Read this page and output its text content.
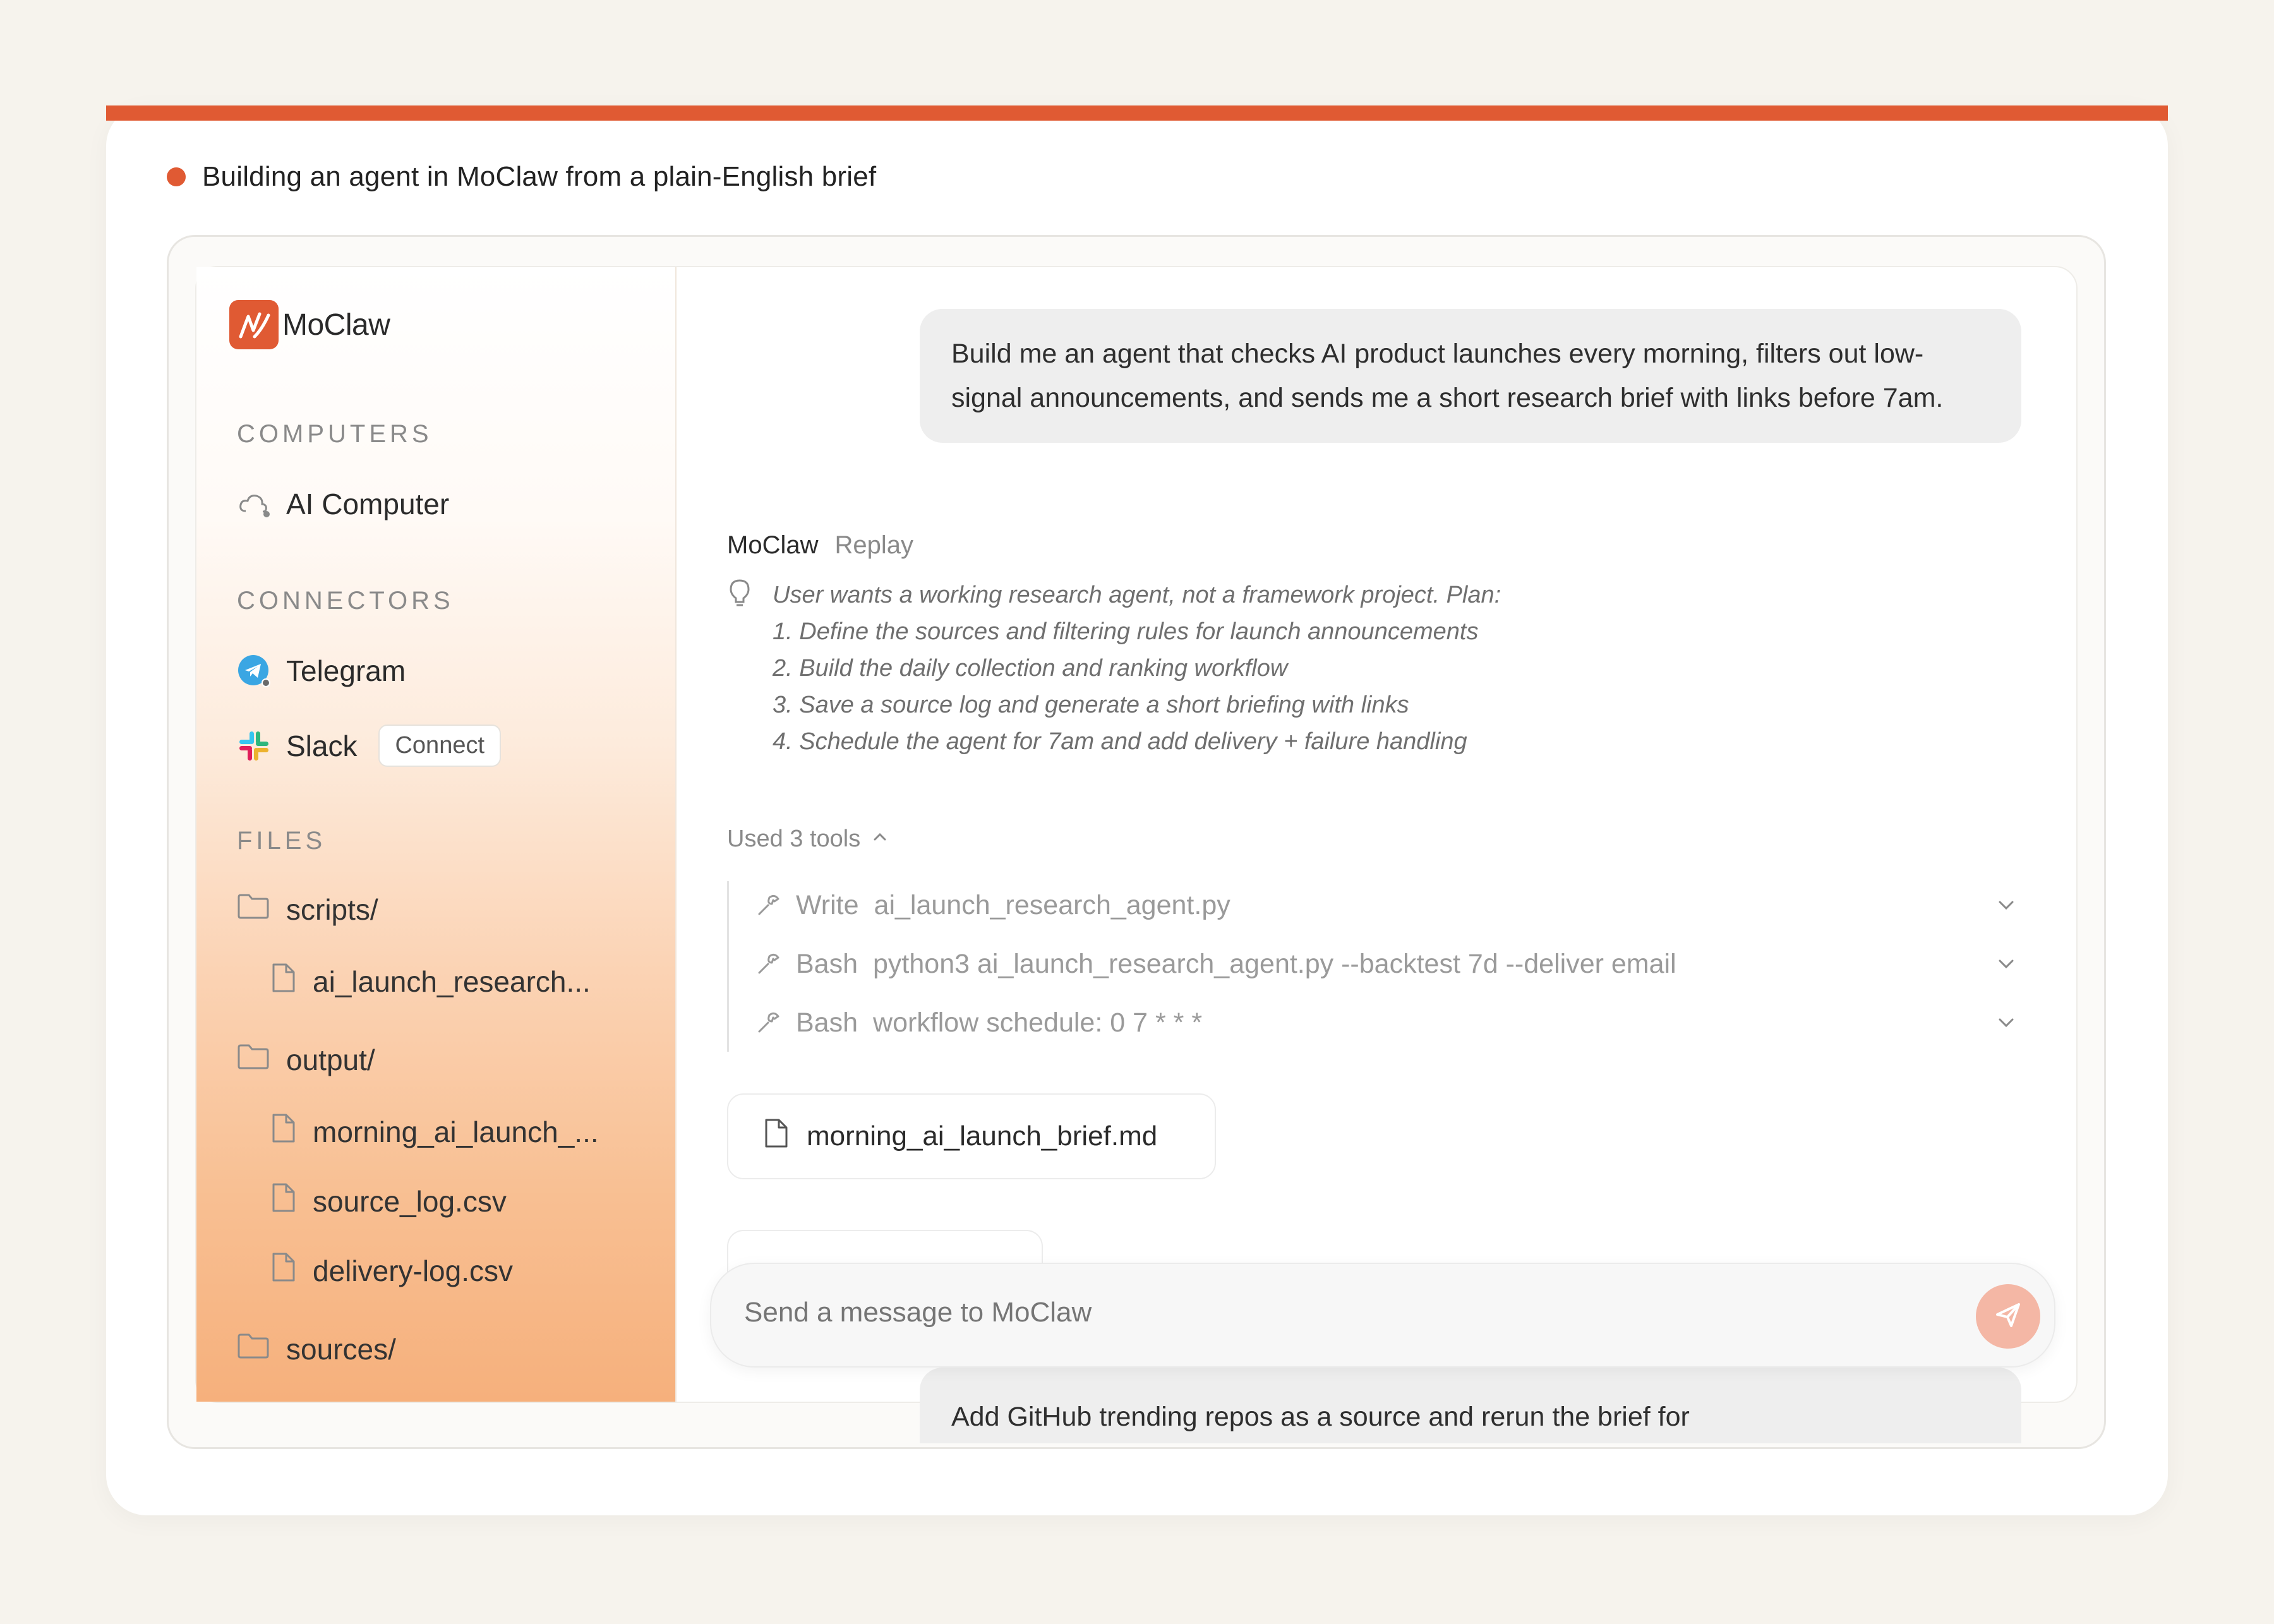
Building an agent in MoClaw from a plain-English brief
MoClaw
COMPUTERS
AI Computer
CONNECTORS
Telegram
Slack	Connect
FILES
scripts/
ai_launch_research...
output/
morning_ai_launch_...
source_log.csv
delivery-log.csv
sources/
Build me an agent that checks AI product launches every morning, filters out low-signal announcements, and sends me a short research brief with links before 7am.
MoClaw Replay
User wants a working research agent, not a framework project. Plan:
1. Define the sources and filtering rules for launch announcements
2. Build the daily collection and ranking workflow
3. Save a source log and generate a short briefing with links
4. Schedule the agent for 7am and add delivery + failure handling
Used 3 tools
Write ai_launch_research_agent.py
Bash python3 ai_launch_research_agent.py --backtest 7d --deliver email
Bash workflow schedule: 0 7 * * *
morning_ai_launch_brief.md
Add GitHub trending repos as a source and rerun the brief for
Send a message to MoClaw
